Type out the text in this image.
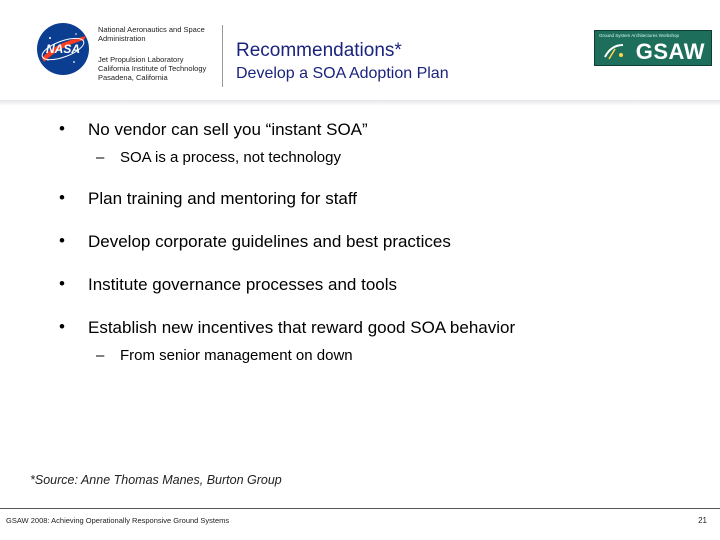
NASA
National Aeronautics and Space Administration
Jet Propulsion Laboratory
California Institute of Technology
Pasadena, California
Recommendations*
Develop a SOA Adoption Plan
Ground System Architectures Workshop
GSAW
• No vendor can sell you “instant SOA”
– SOA is a process, not technology
• Plan training and mentoring for staff
• Develop corporate guidelines and best practices
• Institute governance processes and tools
• Establish new incentives that reward good SOA behavior
– From senior management on down
*Source: Anne Thomas Manes, Burton Group
GSAW 2008: Achieving Operationally Responsive Ground Systems	21
